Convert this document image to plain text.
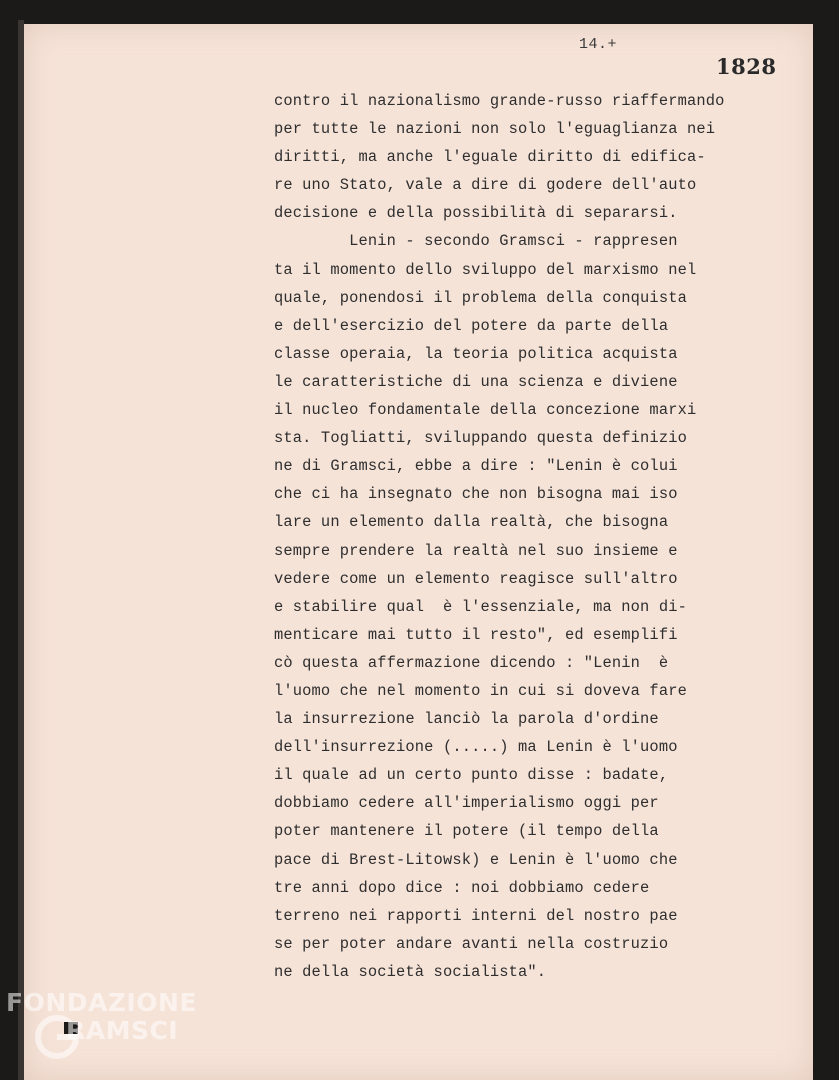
14.+
1828
contro il nazionalismo grande-russo riaffermando
per tutte le nazioni non solo l'eguaglianza nei
diritti, ma anche l'eguale diritto di edifica-
re uno Stato, vale a dire di godere dell'auto
decisione e della possibilità di separarsi.
Lenin - secondo Gramsci - rappresen
ta il momento dello sviluppo del marxismo nel
quale, ponendosi il problema della conquista
e dell'esercizio del potere da parte della
classe operaia, la teoria politica acquista
le caratteristiche di una scienza e diviene
il nucleo fondamentale della concezione marxi
sta. Togliatti, sviluppando questa definizio
ne di Gramsci, ebbe a dire : "Lenin è colui
che ci ha insegnato che non bisogna mai iso
lare un elemento dalla realtà, che bisogna
sempre prendere la realtà nel suo insieme e
vedere come un elemento reagisce sull'altro
e stabilire qual  è l'essenziale, ma non di-
menticare mai tutto il resto", ed esemplifi
cò questa affermazione dicendo : "Lenin  è
l'uomo che nel momento in cui si doveva fare
la insurrezione lanciò la parola d'ordine
dell'insurrezione (.....) ma Lenin è l'uomo
il quale ad un certo punto disse : badate,
dobbiamo cedere all'imperialismo oggi per
poter mantenere il potere (il tempo della
pace di Brest-Litowsk) e Lenin è l'uomo che
tre anni dopo dice : noi dobbiamo cedere
terreno nei rapporti interni del nostro pae
se per poter andare avanti nella costruzio
ne della società socialista".
FONDAZIONE
RAMSCI
